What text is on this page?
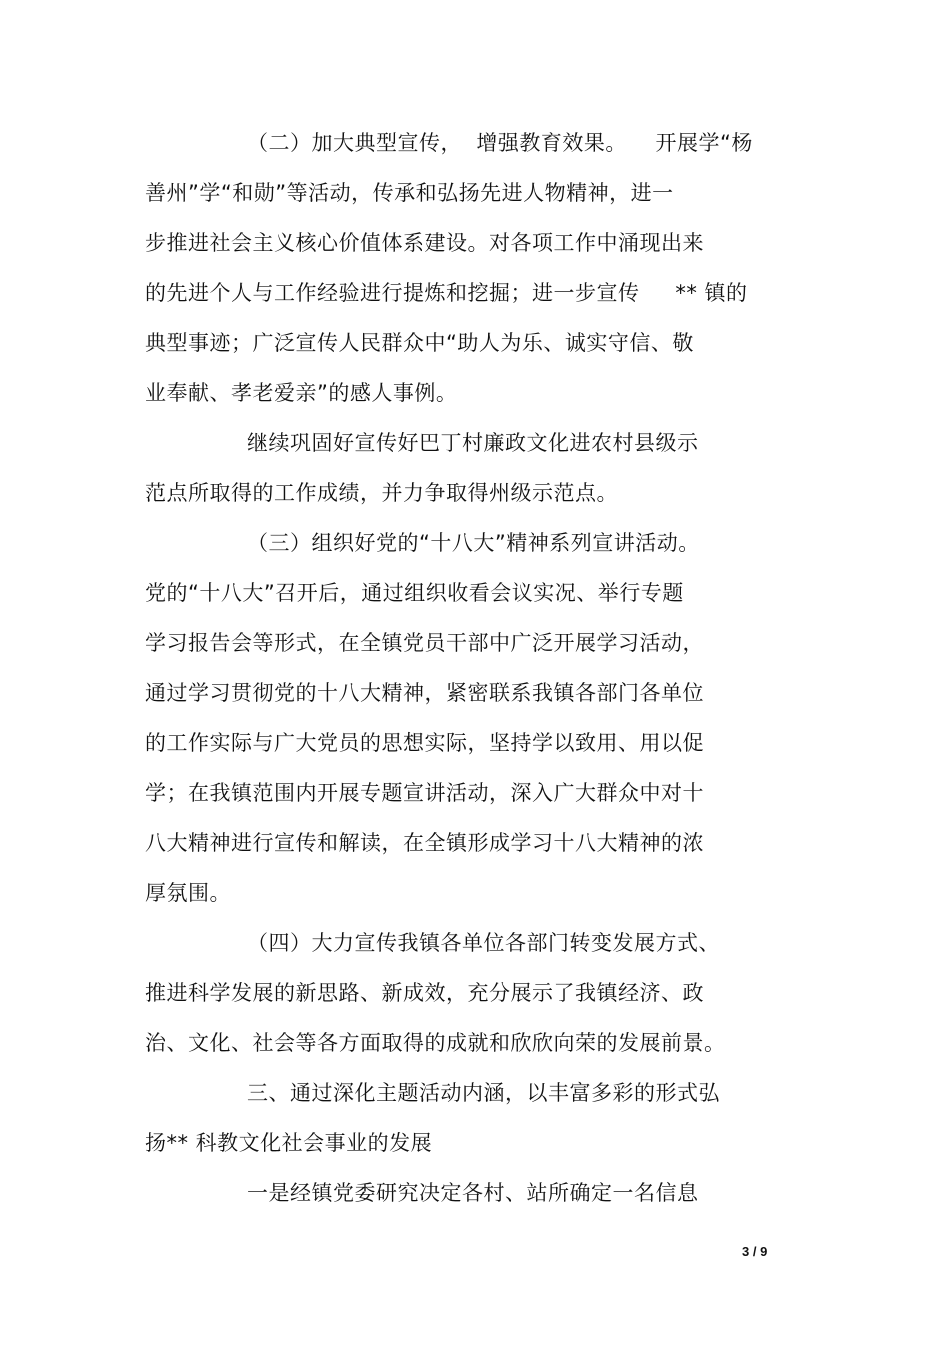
（二）加大典型宣传，  增强教育效果。    开展学“杨
善州”学“和勋”等活动，传承和弘扬先进人物精神，进一
步推进社会主义核心价值体系建设。对各项工作中涌现出来
的先进个人与工作经验进行提炼和挖掘；进一步宣传     ** 镇的
典型事迹；广泛宣传人民群众中“助人为乐、诚实守信、敬
业奉献、孝老爱亲”的感人事例。
继续巩固好宣传好巴丁村廉政文化进农村县级示
范点所取得的工作成绩，并力争取得州级示范点。
（三）组织好党的“十八大”精神系列宣讲活动。
党的“十八大”召开后，通过组织收看会议实况、举行专题
学习报告会等形式，在全镇党员干部中广泛开展学习活动，
通过学习贯彻党的十八大精神，紧密联系我镇各部门各单位
的工作实际与广大党员的思想实际，坚持学以致用、用以促
学；在我镇范围内开展专题宣讲活动，深入广大群众中对十
八大精神进行宣传和解读，在全镇形成学习十八大精神的浓
厚氛围。
（四）大力宣传我镇各单位各部门转变发展方式、
推进科学发展的新思路、新成效，充分展示了我镇经济、政
治、文化、社会等各方面取得的成就和欣欣向荣的发展前景。
三、通过深化主题活动内涵，以丰富多彩的形式弘
扬** 科教文化社会事业的发展
一是经镇党委研究决定各村、站所确定一名信息
3 / 9
